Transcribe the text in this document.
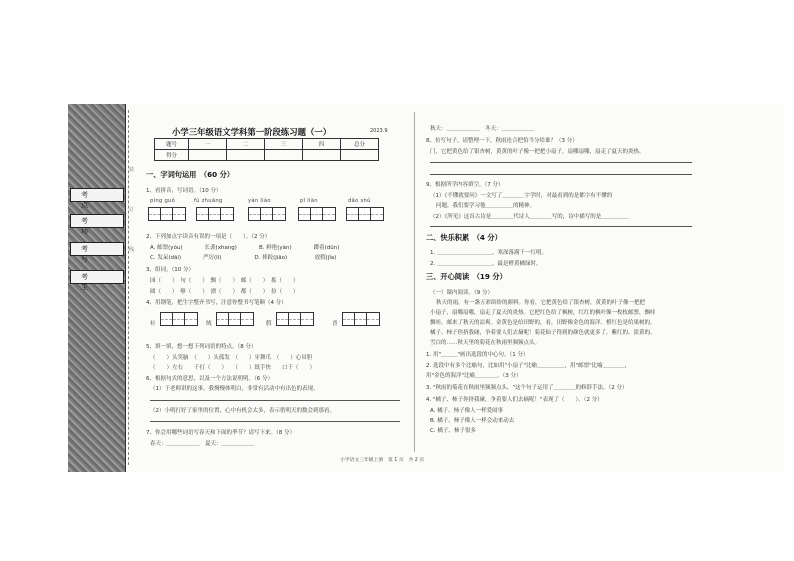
考　点
考　场
考　号
考　生
装订线
小学三年级语文学科第一阶段练习题（一）	2023.9
题号	一	二	三	四	总分
得分					
一、字词句运用　（60 分）
1、看拼音，写词语。（10 分）
píng guǒ	fú zhuāng	yán liào	pǐ liàn	dǎo shǔ
2、下列加点字读音有误的一项是（　　）。（2 分）
A. 邮票(yóu)　　　　长袭(xhang)　　　　B. 鲜艳(yàn)　　　　蹲着(dūn)
C. 发呆(dāi)　　　　严厉(lì)　　　　　　D. 摔跤(jiāo)　　　　　放假(jǐa)
3、组词。（10 分）
园（　　）　句（　　）　飘（　　）　邮（　　）　拣（　　）
圆（　　）　够（　　）　漂（　　）　都（　　）　捡（　　）
4、用钢笔，把生字整齐书写，注意你整书写笔顺（4 分）
衫	绒	假	晋
5、填一填，想一想下列词语的特点。（8 分）
（　　）头笑脑　（　　）头孤发　（　　）牙舞爪　（　　）心吊胆
（　　）左右　　千打（　　）　　（　　）纸手快　　口千（　　）
6、根据句式的意思，以及一个方法说明明。（6 分）
（1）于老师讲的这事，我慢慢体明白，非常有活动中有出色的表现。
（2）小明打好了家里的位置，心中有机会太多，表示借明天的数会到那看。
7、你会用哪些词语写春天和下面的季节？请写下来。（8 分）
春天：＿＿＿＿＿＿　夏天：＿＿＿＿＿＿
秋天：＿＿＿＿＿＿　冬天：＿＿＿＿＿＿
8、仿写句子，请整理一下，秋雨连合把恰当分给谁？（3 分）
门，它把黄色给了银杏树，黄黄的叶子像一把把小扇子，扇哪扇哪，扇走了夏天的炎热。
9、根据所学内容填空。（7 分）
（1）《不懂就要问》一文写了＿＿＿＿字学时，对最看到的是都字有不懂的
问题，我们要学习他＿＿＿＿＿的精神。
（2）《所见》这首古诗是＿＿＿＿代诗人＿＿＿＿写的，诗中描写的是＿＿＿＿＿
二、快乐积累　（4 分）
1. ＿＿＿＿＿＿＿＿＿＿，寒深落满千一红明。
2. ＿＿＿＿＿＿＿＿＿＿，最是橙黄橘绿时。
三、开心阅读　（19 分）
（一）课内阅读。（9 分）
秋天的雨，有一盏五彩缤纷的颜料。你看，它把黄色给了银杏树，黄黄的叶子像一把把
小扇子，扇哪扇哪，扇走了夏天的炎热。它把红色给了枫树，红红的枫叶像一枚枚邮票，飘哇
飘哇，邮来了秋天的凉爽。金黄色是给田野的，看，田野像金色的海洋。橙红色是给果树的，
橘子、柿子你挤我碰，争着要人们去摘呢！菊花仙子得到的颜色就更多了，紫红的、淡黄的、
雪白的……秋天里的菊花在秋雨里频频点头。
1. 用"＿＿＿"画出选段的中心句。（1 分）
2. 选段中有多个比喻句，比如用"小扇子"比喻＿＿＿＿＿，用"邮票"比喻＿＿＿＿，
用"金色的海洋"比喻＿＿＿＿。（3 分）
3. "秋雨的菊花在秋雨里频频点头。"这个句子运用了＿＿＿＿的修辞手法。（2 分）
4. "橘子、柿子你挤我碰，争着要人们去摘呢！"表现了（　　）。（2 分）
A. 橘子、柿子像人一样爱闹事
B. 橘子、柿子像人一样会动来动去
C. 橘子、柿子很多
小学语文三年级上册　第 1 页　共 2 页
